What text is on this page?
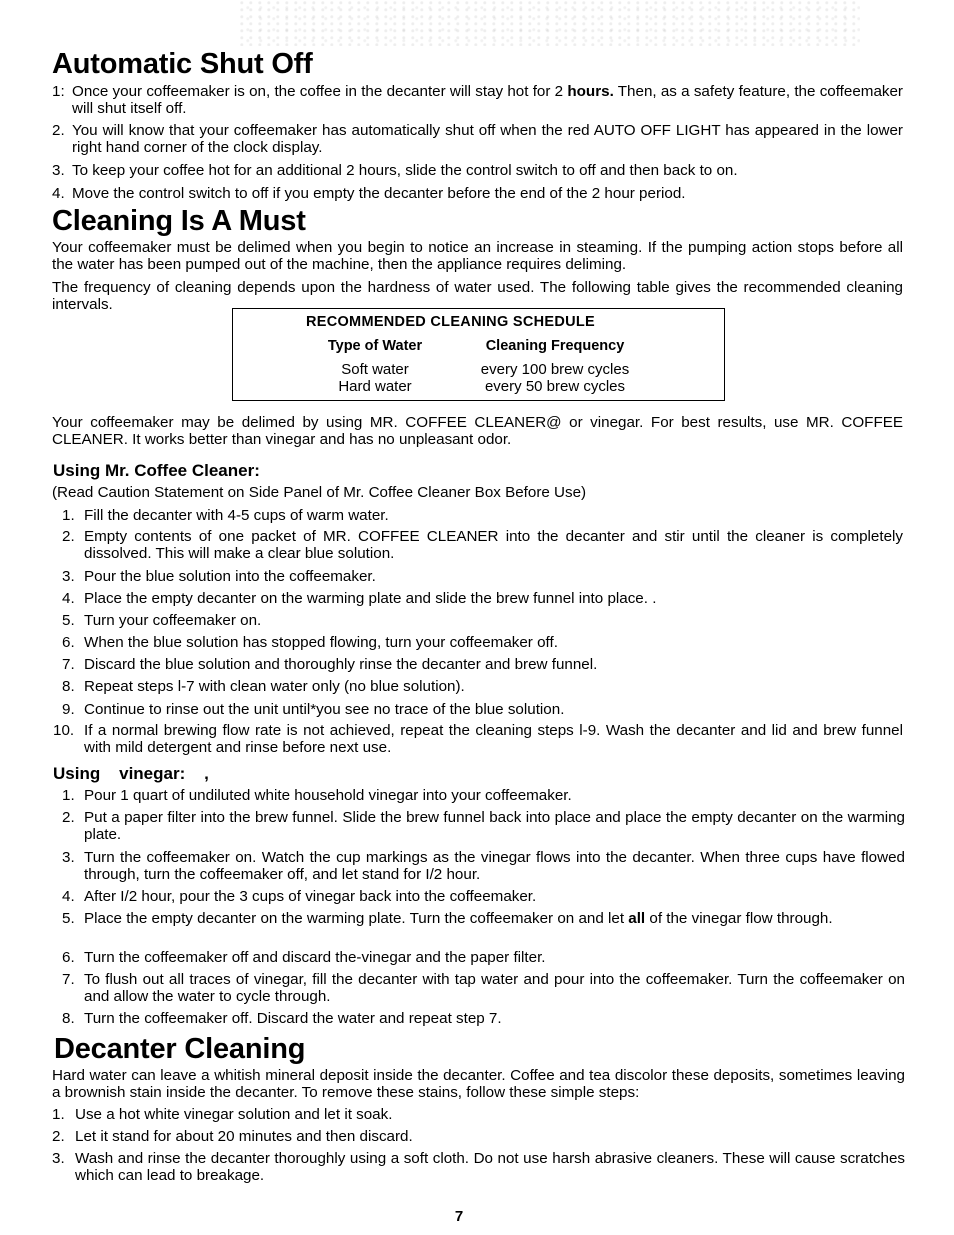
Automatic Shut Off
1: Once your coffeemaker is on, the coffee in the decanter will stay hot for 2 hours. Then, as a safety feature, the coffeemaker will shut itself off.
2. You will know that your coffeemaker has automatically shut off when the red AUTO OFF LIGHT has appeared in the lower right hand corner of the clock display.
3. To keep your coffee hot for an additional 2 hours, slide the control switch to off and then back to on.
4. Move the control switch to off if you empty the decanter before the end of the 2 hour period.
Cleaning Is A Must
Your coffeemaker must be delimed when you begin to notice an increase in steaming. If the pumping action stops before all the water has been pumped out of the machine, then the appliance requires deliming.
The frequency of cleaning depends upon the hardness of water used. The following table gives the recommended cleaning intervals.
RECOMMENDED CLEANING SCHEDULE
Type of Water	Cleaning Frequency
Soft water	every 100 brew cycles
Hard water	every 50 brew cycles
Your coffeemaker may be delimed by using MR. COFFEE CLEANER@ or vinegar. For best results, use MR. COFFEE CLEANER. It works better than vinegar and has no unpleasant odor.
Using Mr. Coffee Cleaner:
(Read Caution Statement on Side Panel of Mr. Coffee Cleaner Box Before Use)
1. Fill the decanter with 4-5 cups of warm water.
2. Empty contents of one packet of MR. COFFEE CLEANER into the decanter and stir until the cleaner is completely dissolved. This will make a clear blue solution.
3. Pour the blue solution into the coffeemaker.
4. Place the empty decanter on the warming plate and slide the brew funnel into place. .
5. Turn your coffeemaker on.
6. When the blue solution has stopped flowing, turn your coffeemaker off.
7. Discard the blue solution and thoroughly rinse the decanter and brew funnel.
8. Repeat steps l-7 with clean water only (no blue solution).
9. Continue to rinse out the unit until*you see no trace of the blue solution.
10. If a normal brewing flow rate is not achieved, repeat the cleaning steps l-9. Wash the decanter and lid and brew funnel with mild detergent and rinse before next use.
Using    vinegar:    ,
1. Pour 1 quart of undiluted white household vinegar into your coffeemaker.
2. Put a paper filter into the brew funnel. Slide the brew funnel back into place and place the empty decanter on the warming plate.
3. Turn the coffeemaker on. Watch the cup markings as the vinegar flows into the decanter. When three cups have flowed through, turn the coffeemaker off, and let stand for I/2 hour.
4. After I/2 hour, pour the 3 cups of vinegar back into the coffeemaker.
5. Place the empty decanter on the warming plate. Turn the coffeemaker on and let all of the vinegar flow through.
6. Turn the coffeemaker off and discard the-vinegar and the paper filter.
7. To flush out all traces of vinegar, fill the decanter with tap water and pour into the coffeemaker. Turn the coffeemaker on and allow the water to cycle through.
8. Turn the coffeemaker off. Discard the water and repeat step 7.
Decanter Cleaning
Hard water can leave a whitish mineral deposit inside the decanter. Coffee and tea discolor these deposits, sometimes leaving a brownish stain inside the decanter. To remove these stains, follow these simple steps:
1. Use a hot white vinegar solution and let it soak.
2. Let it stand for about 20 minutes and then discard.
3. Wash and rinse the decanter thoroughly using a soft cloth. Do not use harsh abrasive cleaners. These will cause scratches which can lead to breakage.
7
